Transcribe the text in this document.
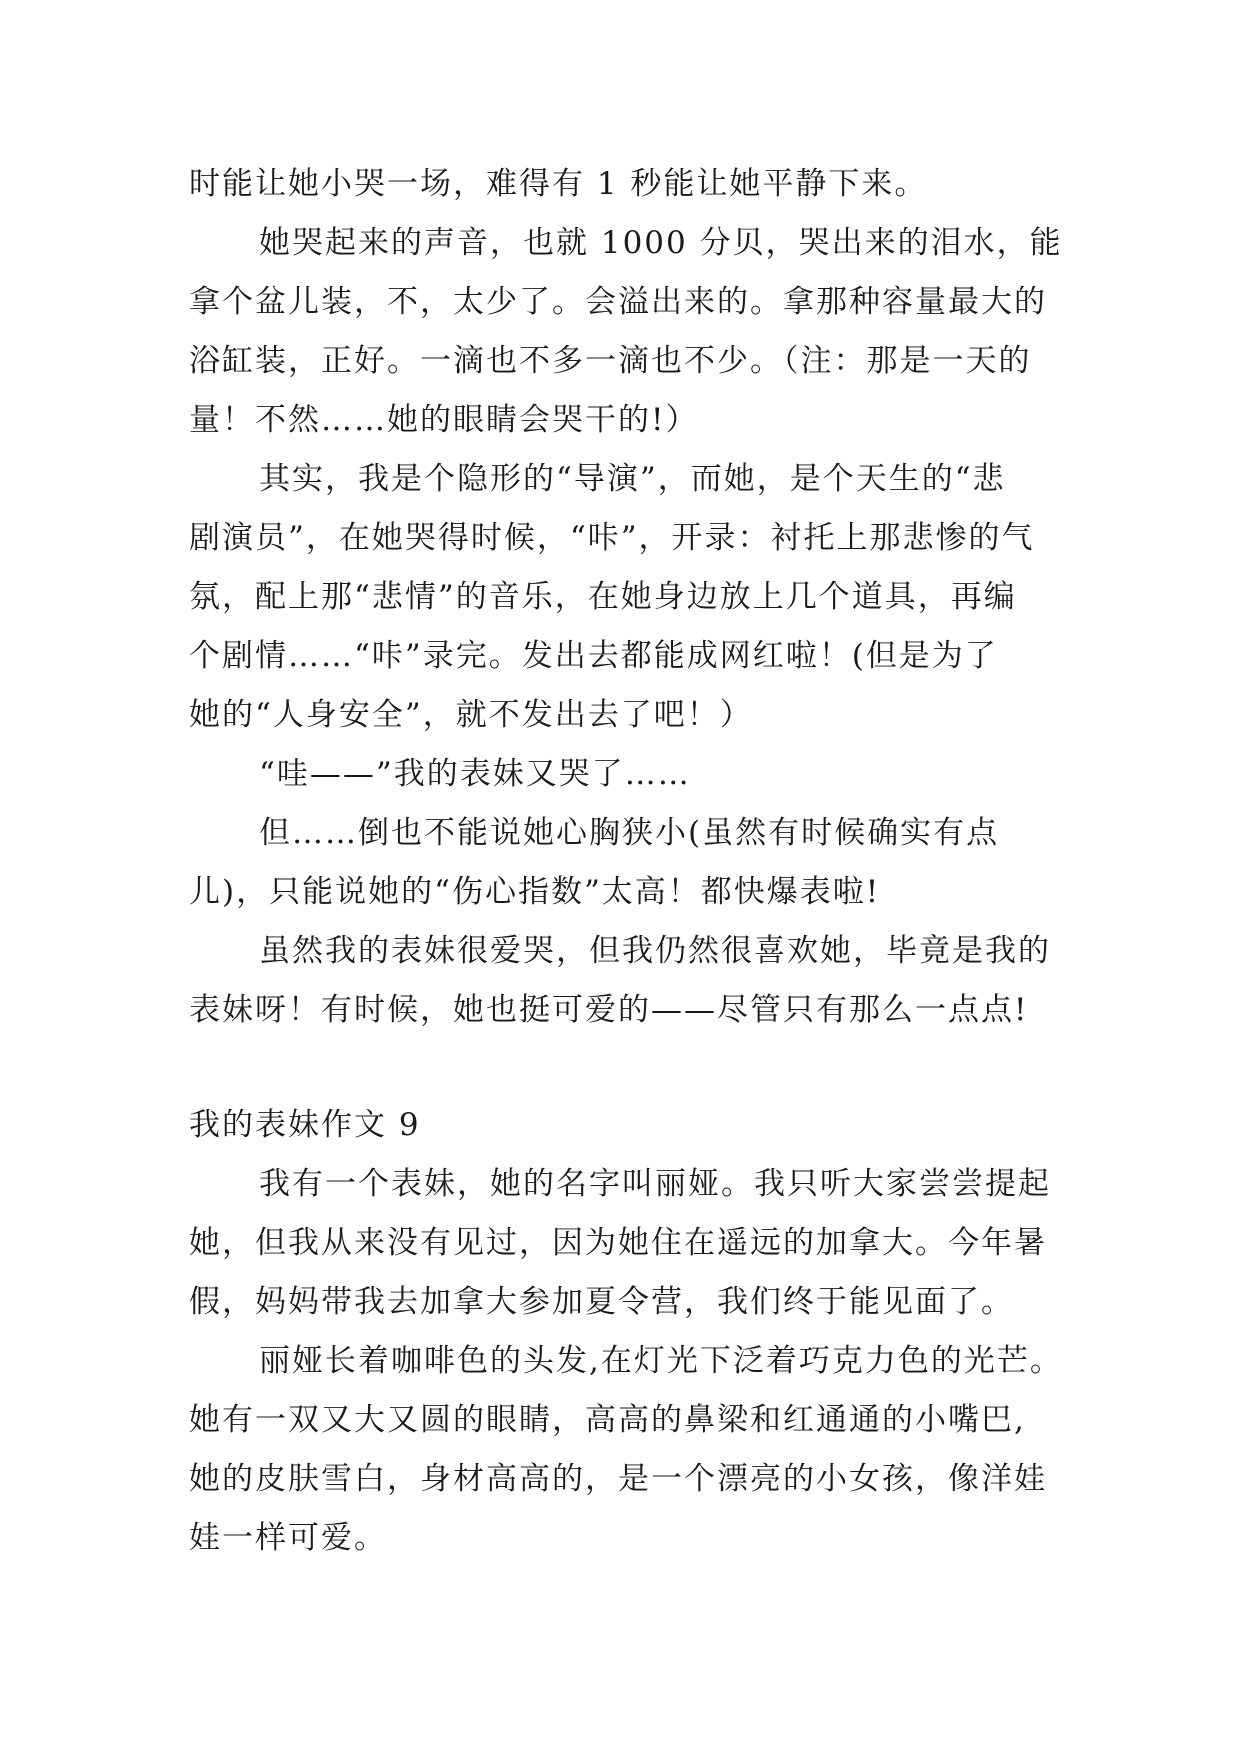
时能让她小哭一场，难得有 1 秒能让她平静下来。
她哭起来的声音，也就 1000 分贝，哭出来的泪水，能
拿个盆儿装，不，太少了。会溢出来的。拿那种容量最大的
浴缸装，正好。一滴也不多一滴也不少。（注：那是一天的
量！不然……她的眼睛会哭干的!）
其实，我是个隐形的“导演”，而她，是个天生的“悲
剧演员”，在她哭得时候，“咔”，开录：衬托上那悲惨的气
氛，配上那“悲情”的音乐，在她身边放上几个道具，再编
个剧情……“咔”录完。发出去都能成网红啦！(但是为了
她的“人身安全”，就不发出去了吧！）
“哇——”我的表妹又哭了……
但……倒也不能说她心胸狭小(虽然有时候确实有点
儿)，只能说她的“伤心指数”太高！都快爆表啦!
虽然我的表妹很爱哭，但我仍然很喜欢她，毕竟是我的
表妹呀！有时候，她也挺可爱的——尽管只有那么一点点!
我的表妹作文 9
我有一个表妹，她的名字叫丽娅。我只听大家尝尝提起
她，但我从来没有见过，因为她住在遥远的加拿大。今年暑
假，妈妈带我去加拿大参加夏令营，我们终于能见面了。
丽娅长着咖啡色的头发,在灯光下泛着巧克力色的光芒。
她有一双又大又圆的眼睛，高高的鼻梁和红通通的小嘴巴,
她的皮肤雪白，身材高高的，是一个漂亮的小女孩，像洋娃
娃一样可爱。
